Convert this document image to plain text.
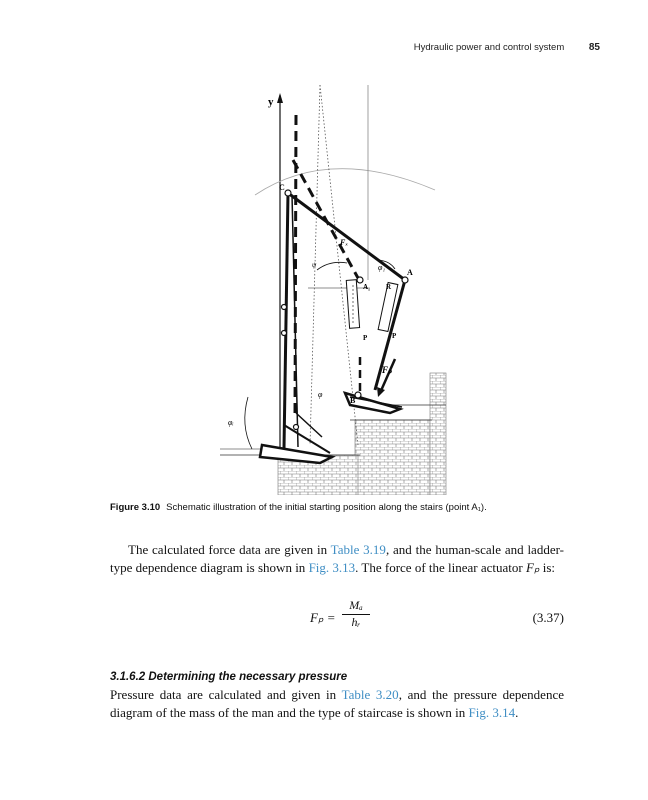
Hydraulic power and control system 85
y
C
A
A₁ R
B
P	P
Fₚ
Fₓ
φ₁
φᵢ
φ
ψ
Figure 3.10 Schematic illustration of the initial starting position along the stairs (point A₁).

The calculated force data are given in Table 3.19, and the human-scale and ladder-type dependence diagram is shown in Fig. 3.13. The force of the linear actuator Fₚ is:

$F_p = \frac{\text{Mₐ}}{\text{hᵣ}}$	(3.37)
3.1.6.2 Determining the necessary pressure

Pressure data are calculated and given in Table 3.20, and the pressure dependence diagram of the mass of the man and the type of staircase is shown in Fig. 3.14.
